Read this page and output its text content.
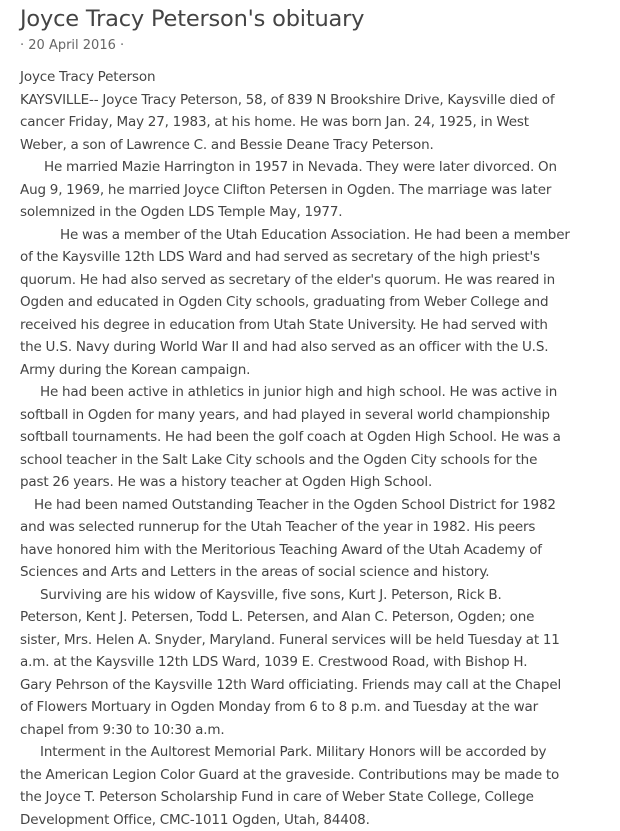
Joyce Tracy Peterson's obituary
· 20 April 2016 ·

Joyce Tracy Peterson

KAYSVILLE-- Joyce Tracy Peterson, 58, of 839 N Brookshire Drive, Kaysville died of
cancer Friday, May 27, 1983, at his home. He was born Jan. 24, 1925, in West
Weber, a son of Lawrence C. and Bessie Deane Tracy Peterson.

He married Mazie Harrington in 1957 in Nevada. They were later divorced. On
Aug 9, 1969, he married Joyce Clifton Petersen in Ogden. The marriage was later
solemnized in the Ogden LDS Temple May, 1977.

He was a member of the Utah Education Association. He had been a member
of the Kaysville 12th LDS Ward and had served as secretary of the high priest's
quorum. He had also served as secretary of the elder's quorum. He was reared in
Ogden and educated in Ogden City schools, graduating from Weber College and
received his degree in education from Utah State University. He had served with
the U.S. Navy during World War II and had also served as an officer with the U.S.
Army during the Korean campaign.

He had been active in athletics in junior high and high school. He was active in
softball in Ogden for many years, and had played in several world championship
softball tournaments. He had been the golf coach at Ogden High School. He was a
school teacher in the Salt Lake City schools and the Ogden City schools for the
past 26 years. He was a history teacher at Ogden High School.

He had been named Outstanding Teacher in the Ogden School District for 1982
and was selected runnerup for the Utah Teacher of the year in 1982. His peers
have honored him with the Meritorious Teaching Award of the Utah Academy of
Sciences and Arts and Letters in the areas of social science and history.

Surviving are his widow of Kaysville, five sons, Kurt J. Peterson, Rick B.
Peterson, Kent J. Petersen, Todd L. Petersen, and Alan C. Peterson, Ogden; one
sister, Mrs. Helen A. Snyder, Maryland. Funeral services will be held Tuesday at 11
a.m. at the Kaysville 12th LDS Ward, 1039 E. Crestwood Road, with Bishop H.
Gary Pehrson of the Kaysville 12th Ward officiating. Friends may call at the Chapel
of Flowers Mortuary in Ogden Monday from 6 to 8 p.m. and Tuesday at the war
chapel from 9:30 to 10:30 a.m.

Interment in the Aultorest Memorial Park. Military Honors will be accorded by
the American Legion Color Guard at the graveside. Contributions may be made to
the Joyce T. Peterson Scholarship Fund in care of Weber State College, College
Development Office, CMC-1011 Ogden, Utah, 84408.
